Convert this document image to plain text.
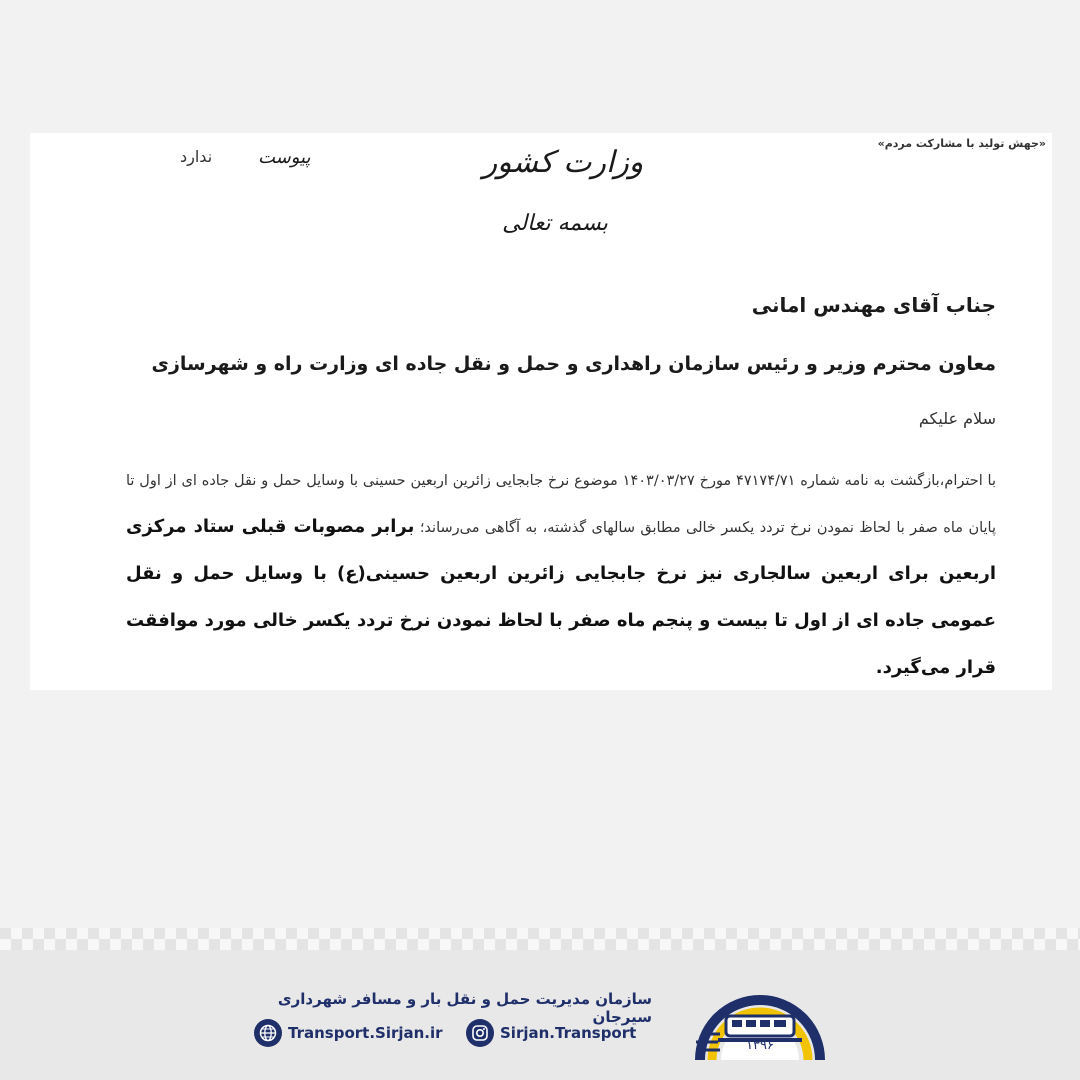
«جهش تولید با مشارکت مردم»
وزارت کشور
بسمه تعالی
پیوست
ندارد
جناب آقای مهندس امانی
معاون محترم وزیر و رئیس سازمان راهداری و حمل و نقل جاده ای وزارت راه و شهرسازی
سلام علیکم
با احترام،بازگشت به نامه شماره ۴۷۱۷۴/۷۱ مورخ ۱۴۰۳/۰۳/۲۷ موضوع نرخ جابجایی زائرین اربعین حسینی با وسایل حمل و نقل جاده ای از اول تا پایان ماه صفر با لحاظ نمودن نرخ تردد یکسر خالی مطابق سالهای گذشته، به آگاهی می‌رساند؛ برابر مصوبات قبلی ستاد مرکزی اربعین برای اربعین سالجاری نیز نرخ جابجایی زائرین اربعین حسینی(ع) با وسایل حمل و نقل عمومی جاده ای از اول تا بیست و پنجم ماه صفر با لحاظ نمودن نرخ تردد یکسر خالی مورد موافقت قرار می‌گیرد.
سازمان مدیریت حمل و نقل بار و مسافر شهرداری سیرجان
Transport.Sirjan.ir	Sirjan.Transport
۱۳۹۶
